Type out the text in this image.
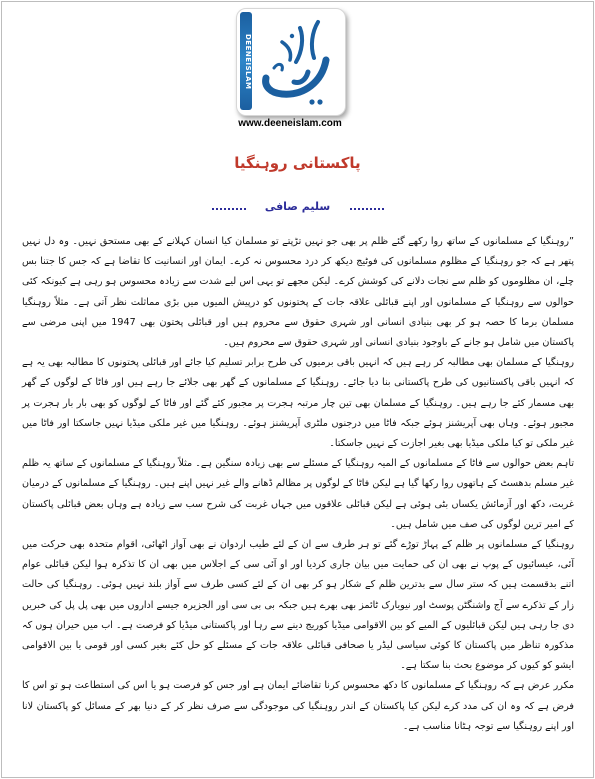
DEENEISLAM
www.deeneislam.com
پاکستانی روہنگیا
سلیم صافی

”روہنگیا کے مسلمانوں کے ساتھ روا رکھے گئے ظلم پر بھی جو نہیں تڑپتے تو مسلمان کیا انسان کہلانے کے بھی مستحق نہیں۔ وہ دل نہیں پتھر ہے کہ جو روہنگیا کے مظلوم مسلمانوں کی فوٹیج دیکھ کر درد محسوس نہ کرے۔ ایمان اور انسانیت کا تقاضا ہے کہ جس کا جتنا بس چلے، ان مظلوموں کو ظلم سے نجات دلانے کی کوشش کرے۔ لیکن مجھے تو یہی اس لیے شدت سے زیادہ محسوس ہو رہی ہے کیونکہ کئی حوالوں سے روہنگیا کے مسلمانوں اور اپنے قبائلی علاقہ جات کے پختونوں کو درپیش المیوں میں بڑی مماثلت نظر آتی ہے۔ مثلاً روہنگیا مسلمان برما کا حصہ ہو کر بھی بنیادی انسانی اور شہری حقوق سے محروم ہیں اور قبائلی پختون بھی 1947 میں اپنی مرضی سے پاکستان میں شامل ہو جانے کے باوجود بنیادی انسانی اور شہری حقوق سے محروم ہیں۔

روہنگیا کے مسلمان بھی مطالبہ کر رہے ہیں کہ انہیں باقی برمیوں کی طرح برابر تسلیم کیا جائے اور قبائلی پختونوں کا مطالبہ بھی یہ ہے کہ انہیں باقی پاکستانیوں کی طرح پاکستانی بنا دیا جائے۔ روہنگیا کے مسلمانوں کے گھر بھی جلائے جا رہے ہیں اور فاٹا کے لوگوں کے گھر بھی مسمار کئے جا رہے ہیں۔ روہنگیا کے مسلمان بھی تین چار مرتبہ ہجرت پر مجبور کئے گئے اور فاٹا کے لوگوں کو بھی بار بار ہجرت پر مجبور ہوئے۔ وہاں بھی آپریشنز ہوئے جبکہ فاٹا میں درجنوں ملٹری آپریشنز ہوئے۔ روہنگیا میں غیر ملکی میڈیا نہیں جاسکتا اور فاٹا میں غیر ملکی تو کیا ملکی میڈیا بھی بغیر اجازت کے نہیں جاسکتا۔

تاہم بعض حوالوں سے فاٹا کے مسلمانوں کے المیہ روہنگیا کے مسئلے سے بھی زیادہ سنگین ہے۔ مثلاً روہنگیا کے مسلمانوں کے ساتھ یہ ظلم غیر مسلم بدھسٹ کے ہاتھوں روا رکھا گیا ہے لیکن فاٹا کے لوگوں پر مظالم ڈھانے والے غیر نہیں اپنے ہیں۔ روہنگیا کے مسلمانوں کے درمیان غربت، دکھ اور آزمائش یکساں بٹی ہوئی ہے لیکن قبائلی علاقوں میں جہاں غربت کی شرح سب سے زیادہ ہے وہاں بعض قبائلی پاکستان کے امیر ترین لوگوں کی صف میں شامل ہیں۔

روہنگیا کے مسلمانوں پر ظلم کے پہاڑ توڑے گئے تو ہر طرف سے ان کے لئے طیب اردوان نے بھی آواز اٹھائی، اقوام متحدہ بھی حرکت میں آئی، عیسائیوں کے پوپ نے بھی ان کی حمایت میں بیان جاری کردیا اور او آئی سی کے اجلاس میں بھی ان کا تذکرہ ہوا لیکن قبائلی عوام اتنے بدقسمت ہیں کہ ستر سال سے بدترین ظلم کے شکار ہو کر بھی ان کے لئے کسی طرف سے آواز بلند نہیں ہوئی۔ روہنگیا کی حالت زار کے تذکرے سے آج واشنگٹن پوسٹ اور نیویارک ٹائمز بھی بھرے ہیں جبکہ بی بی سی اور الجزیرہ جیسے اداروں میں بھی پل پل کی خبریں دی جا رہی ہیں لیکن قبائلیوں کے المیے کو بین الاقوامی میڈیا کوریج دینے سے رہا اور پاکستانی میڈیا کو فرصت ہے۔ اب میں حیران ہوں کہ مذکورہ تناظر میں پاکستان کا کوئی سیاسی لیڈر یا صحافی قبائلی علاقہ جات کے مسئلے کو حل کئے بغیر کسی اور قومی یا بین الاقوامی ایشو کو کیوں کر موضوع بحث بنا سکتا ہے۔

مکرر عرض ہے کہ روہنگیا کے مسلمانوں کا دکھ محسوس کرنا تقاضائے ایمان ہے اور جس کو فرصت ہو یا اس کی استطاعت ہو تو اس کا فرض ہے کہ وہ ان کی مدد کرے لیکن کیا پاکستان کے اندر روہنگیا کی موجودگی سے صرف نظر کر کے دنیا بھر کے مسائل کو پاکستان لانا اور اپنے روہنگیا سے توجہ ہٹانا مناسب ہے۔
